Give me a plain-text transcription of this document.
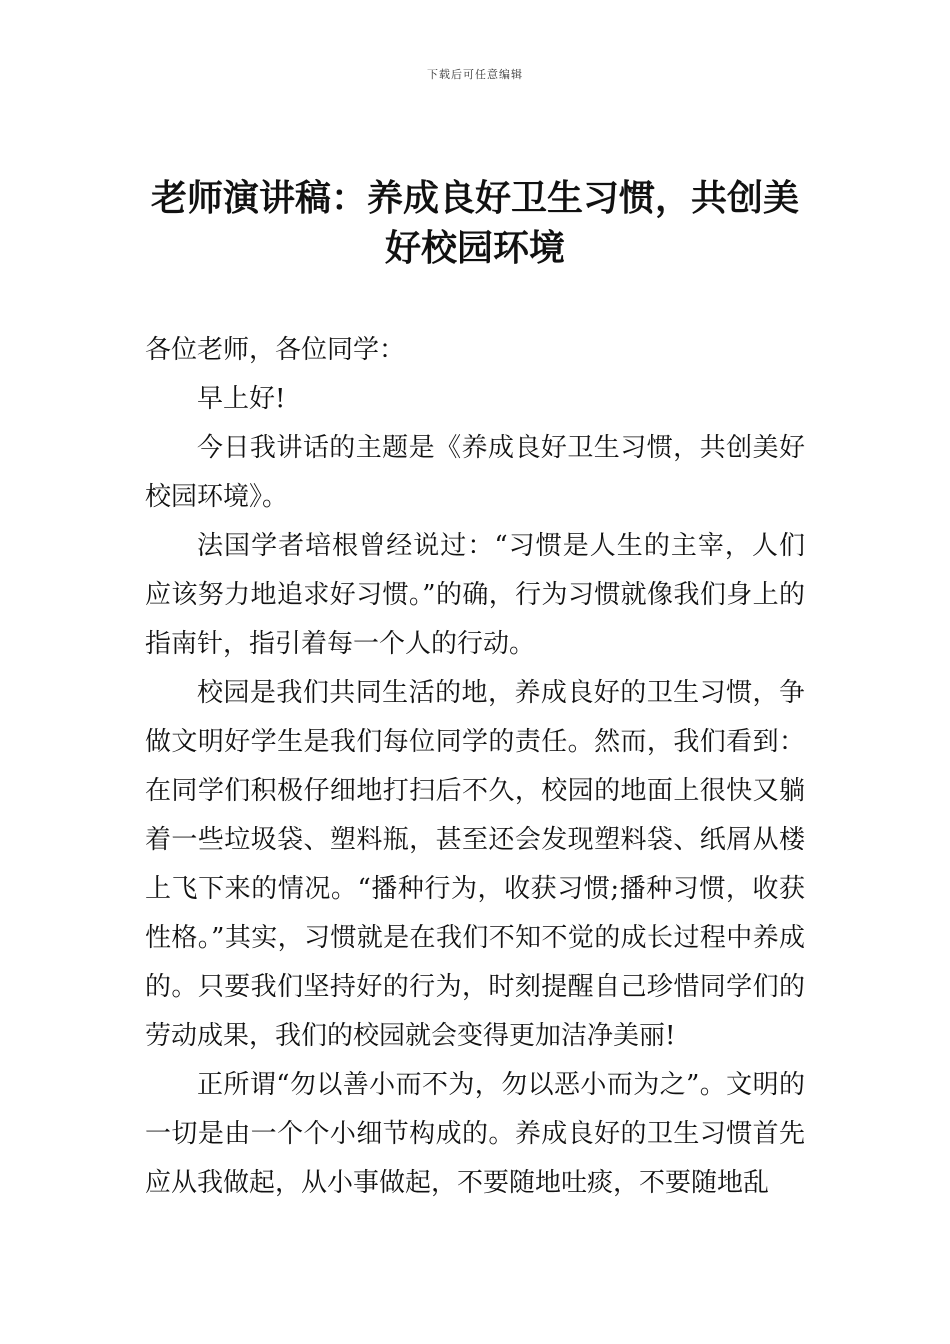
下载后可任意编辑
老师演讲稿：养成良好卫生习惯，共创美好校园环境

各位老师，各位同学：

早上好!

今日我讲话的主题是《养成良好卫生习惯，共创美好校园环境》。

法国学者培根曾经说过：“习惯是人生的主宰，人们应该努力地追求好习惯。”的确，行为习惯就像我们身上的指南针，指引着每一个人的行动。

校园是我们共同生活的地，养成良好的卫生习惯，争做文明好学生是我们每位同学的责任。然而，我们看到：在同学们积极仔细地打扫后不久，校园的地面上很快又躺着一些垃圾袋、塑料瓶，甚至还会发现塑料袋、纸屑从楼上飞下来的情况。“播种行为，收获习惯;播种习惯，收获性格。”其实，习惯就是在我们不知不觉的成长过程中养成的。只要我们坚持好的行为，时刻提醒自己珍惜同学们的劳动成果，我们的校园就会变得更加洁净美丽!

正所谓“勿以善小而不为，勿以恶小而为之”。文明的一切是由一个个小细节构成的。养成良好的卫生习惯首先应从我做起，从小事做起，不要随地吐痰，不要随地乱
